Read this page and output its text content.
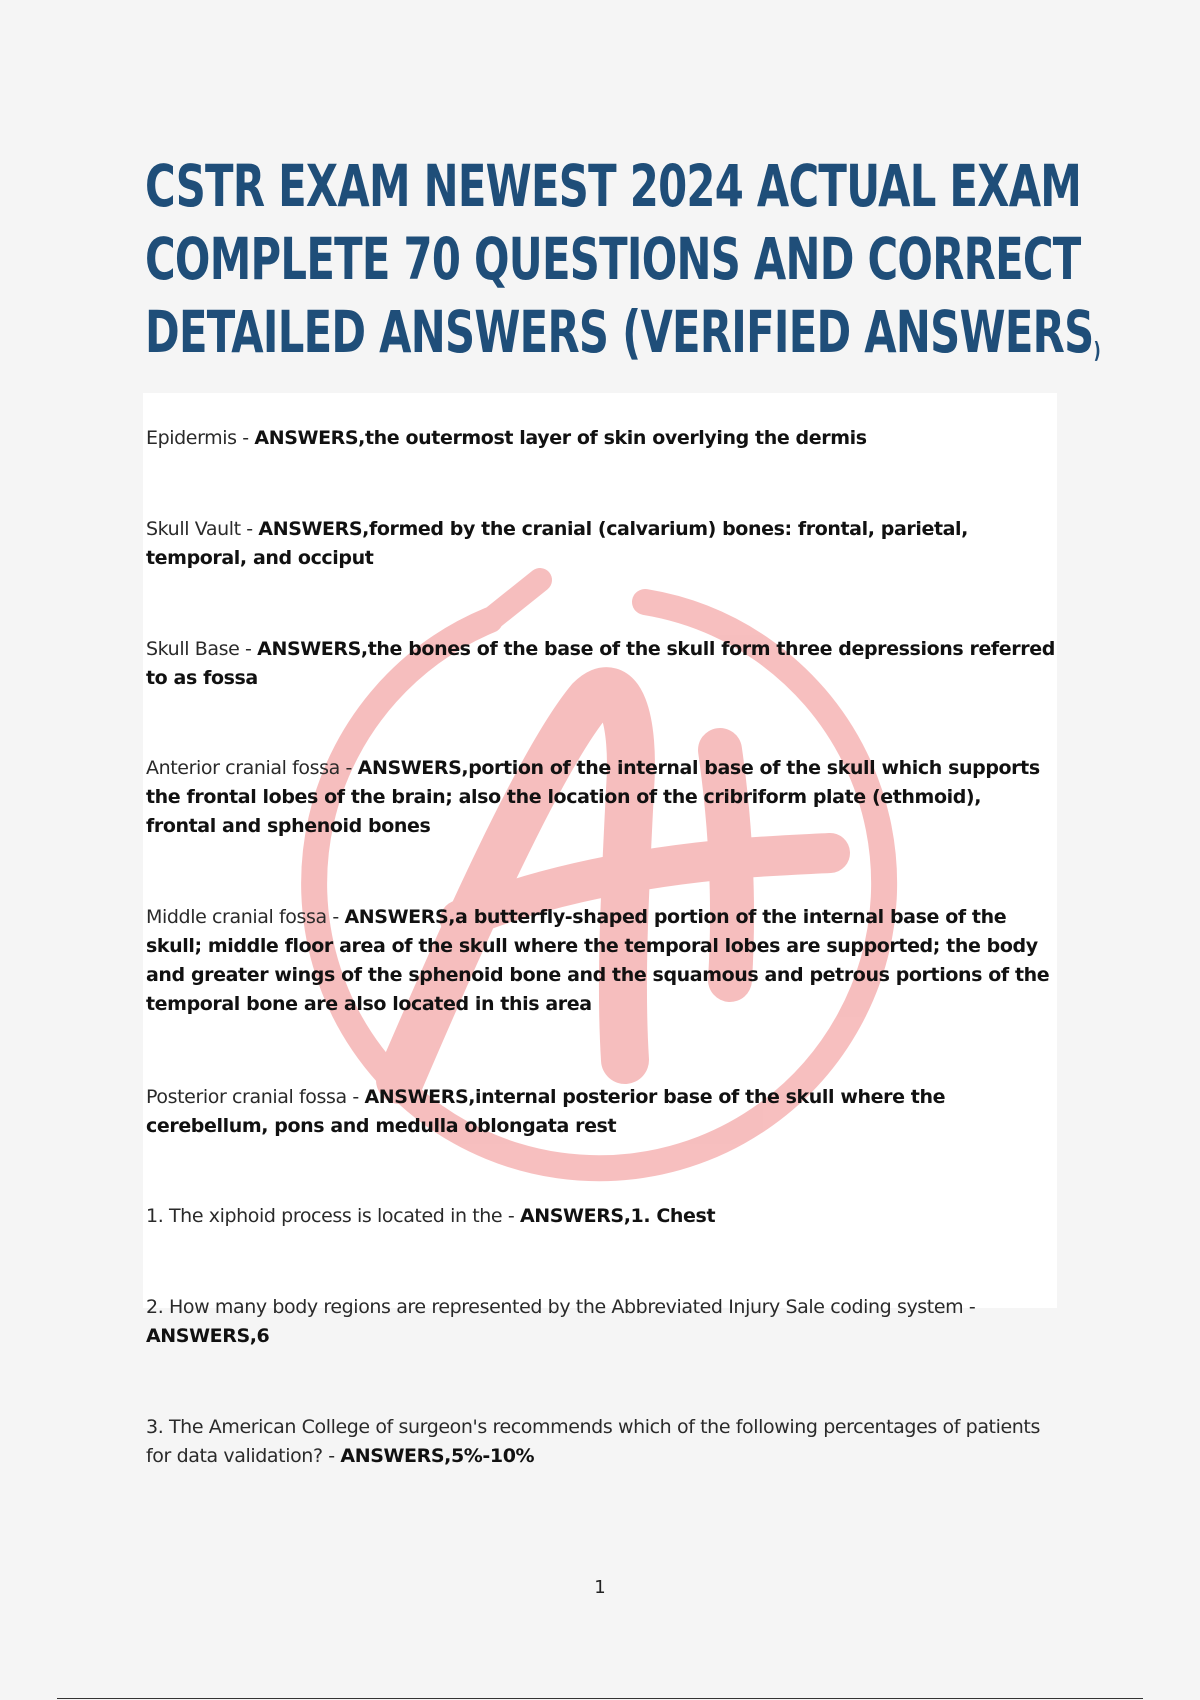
CSTR EXAM NEWEST 2024 ACTUAL EXAM
COMPLETE 70 QUESTIONS AND CORRECT
DETAILED ANSWERS (VERIFIED ANSWERS)

Epidermis - ANSWERS,the outermost layer of skin overlying the dermis

Skull Vault - ANSWERS,formed by the cranial (calvarium) bones: frontal, parietal, temporal, and occiput

Skull Base - ANSWERS,the bones of the base of the skull form three depressions referred to as fossa

Anterior cranial fossa - ANSWERS,portion of the internal base of the skull which supports the frontal lobes of the brain; also the location of the cribriform plate (ethmoid), frontal and sphenoid bones

Middle cranial fossa - ANSWERS,a butterfly-shaped portion of the internal base of the skull; middle floor area of the skull where the temporal lobes are supported; the body and greater wings of the sphenoid bone and the squamous and petrous portions of the temporal bone are also located in this area

Posterior cranial fossa - ANSWERS,internal posterior base of the skull where the cerebellum, pons and medulla oblongata rest

1. The xiphoid process is located in the - ANSWERS,1. Chest

2. How many body regions are represented by the Abbreviated Injury Sale coding system - ANSWERS,6

3. The American College of surgeon's recommends which of the following percentages of patients for data validation? - ANSWERS,5%-10%

1
